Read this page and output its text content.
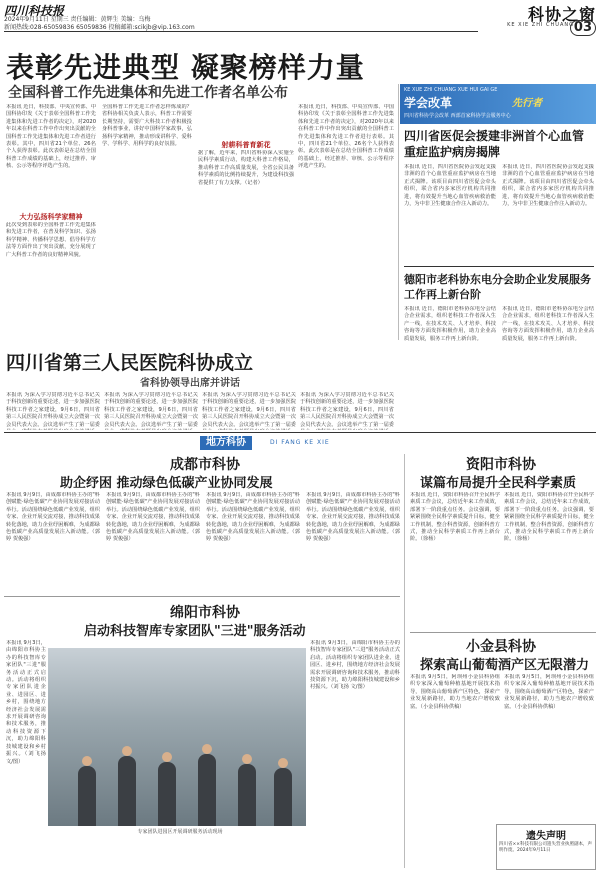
四川科技报
2024年9月11日 星期三 责任编辑：黄辉生 美编：乌梅
新闻热线:028-65059836 65059836 投稿邮箱:scikjb@vip.163.com
科协之窗
KE XIE ZHI CHUANG 03
表彰先进典型 凝聚榜样力量
全国科普工作先进集体和先进工作者名单公布
本报讯 近日，科技部、中央宣传部、中国科协印发《关于表彰全国科普工作先进集体和先进工作者的决定》，对2020年以来在科普工作中作出突出贡献的全国科普工作先进集体和先进工作者进行表彰。其中，四川省21个单位、26名个人获得表彰。此次表彰是在总结全国科普工作成绩的基础上，经过推荐、审核、公示等程序评选产生的。
大力弘扬科学家精神
此次受到表彰的全国科普工作先进集体和先进工作者，在普及科学知识、弘扬科学精神、传播科学思想、倡导科学方法等方面作出了突出贡献，充分展现了广大科普工作者的良好精神风貌。
全国科普工作先进工作者怎样炼成的？省科协相关负责人表示，科普工作需要长期坚持，需要广大科技工作者积极投身科普事业，讲好中国科学家故事，弘扬科学家精神，推动形成讲科学、爱科学、学科学、用科学的良好氛围。	射耕科普育新花
据了解，近年来，四川省科协深入实施全民科学素质行动，构建大科普工作格局，推动科普工作高质量发展，全省公民具备科学素质的比例持续提升，为建设科技强省提供了有力支撑。（记者）
本报讯 近日，科技部、中央宣传部、中国科协印发《关于表彰全国科普工作先进集体和先进工作者的决定》，对2020年以来在科普工作中作出突出贡献的全国科普工作先进集体和先进工作者进行表彰。其中，四川省21个单位、26名个人获得表彰。此次表彰是在总结全国科普工作成绩的基础上，经过推荐、审核、公示等程序评选产生的。
KE XUE ZHI CHUANG XUE HUI GAI GE
学会改革	先行者
四川省科协学会改革 西部首家科协学会服务中心
四川省医促会援建非洲首个心血管重症监护病房揭牌
本报讯 近日，四川省医院协会发起支援非洲的首个心血管重症监护病房在当地正式揭牌。该项目由四川省医促会牵头组织，联合省内多家医疗机构共同推进，将有效提升当地心血管疾病救治能力，为中非卫生健康合作注入新动力。
本报讯 近日，四川省医院协会发起支援非洲的首个心血管重症监护病房在当地正式揭牌。该项目由四川省医促会牵头组织，联合省内多家医疗机构共同推进，将有效提升当地心血管疾病救治能力，为中非卫生健康合作注入新动力。
德阳市老科协东电分会助企业发展服务工作再上新台阶
本报讯 近日，德阳市老科协东电分会结合企业需求，组织老科技工作者深入生产一线，在技术攻关、人才培养、科技咨询等方面发挥积极作用，助力企业高质量发展，服务工作再上新台阶。
本报讯 近日，德阳市老科协东电分会结合企业需求，组织老科技工作者深入生产一线，在技术攻关、人才培养、科技咨询等方面发挥积极作用，助力企业高质量发展，服务工作再上新台阶。
四川省第三人民医院科协成立
省科协领导出席并讲话
本报讯 为深入学习贯彻习近平总书记关于科技创新的重要论述，进一步加强医院科技工作者之家建设，9月6日，四川省第三人民医院召开科协成立大会暨第一次会员代表大会。会议选举产生了第一届委
本报讯 为深入学习贯彻习近平总书记关于科技创新的重要论述，进一步加强医院科技工作者之家建设，9月6日，四川省第三人民医院召开科协成立大会暨第一次会员代表大会。会议选举产生了第一届委
本报讯 为深入学习贯彻习近平总书记关于科技创新的重要论述，进一步加强医院科技工作者之家建设，9月6日，四川省第三人民医院召开科协成立大会暨第一次会员代表大会。会议选举产生了第一届委
本报讯 为深入学习贯彻习近平总书记关于科技创新的重要论述，进一步加强医院科技工作者之家建设，9月6日，四川省第三人民医院召开科协成立大会暨第一次会员代表大会。会议选举产生了第一届委
地方科协	DI FANG KE XIE
成都市科协
助企纾困 推动绿色低碳产业协同发展
本报讯 9月9日，由成都市科协主办的"科创赋能·绿色低碳"产业协同发展对接活动举行。活动围绕绿色低碳产业发展，组织专家、企业开展交流对接，推动科技成果转化落地，助力企业纾困解难，为成都绿色低碳产业高质量发展注入新动能。（郭婷 贺俊强）
本报讯 9月9日，由成都市科协主办的"科创赋能·绿色低碳"产业协同发展对接活动举行。活动围绕绿色低碳产业发展，组织专家、企业开展交流对接，推动科技成果转化落地，助力企业纾困解难，为成都绿色低碳产业高质量发展注入新动能。（郭婷 贺俊强）
本报讯 9月9日，由成都市科协主办的"科创赋能·绿色低碳"产业协同发展对接活动举行。活动围绕绿色低碳产业发展，组织专家、企业开展交流对接，推动科技成果转化落地，助力企业纾困解难，为成都绿色低碳产业高质量发展注入新动能。（郭婷 贺俊强）
本报讯 9月9日，由成都市科协主办的"科创赋能·绿色低碳"产业协同发展对接活动举行。活动围绕绿色低碳产业发展，组织专家、企业开展交流对接，推动科技成果转化落地，助力企业纾困解难，为成都绿色低碳产业高质量发展注入新动能。（郭婷 贺俊强）
绵阳市科协
启动科技智库专家团队"三进"服务活动
本报讯 9月3日，由绵阳市科协主办的科技智库专家团队"三进"服务活动正式启动。活动将组织专家团队进企业、进园区、进乡村，围绕地方经济社会发展需求开展调研咨询和技术服务，推动科技资源下沉，助力绵阳科技城建设和乡村振兴。（刘飞扬 文/图）
专家团队进园区开展调研服务活动现场
本报讯 9月3日，由绵阳市科协主办的科技智库专家团队"三进"服务活动正式启动。活动将组织专家团队进企业、进园区、进乡村，围绕地方经济社会发展需求开展调研咨询和技术服务，推动科技资源下沉，助力绵阳科技城建设和乡村振兴。（刘飞扬 文/图）
资阳市科协
谋篇布局提升全民科学素质
本报讯 近日，资阳市科协召开全民科学素质工作会议，总结近年来工作成效，部署下一阶段重点任务。会议强调，要紧紧围绕全民科学素质提升目标，健全工作机制，整合科普资源，创新科普方式，推动全民科学素质工作再上新台阶。（徐杨）
本报讯 近日，资阳市科协召开全民科学素质工作会议，总结近年来工作成效，部署下一阶段重点任务。会议强调，要紧紧围绕全民科学素质提升目标，健全工作机制，整合科普资源，创新科普方式，推动全民科学素质工作再上新台阶。（徐杨）
小金县科协
探索高山葡萄酒产区无限潜力
本报讯 9月5日，阿坝州小金县科协组织专家深入葡萄种植基地开展技术指导，围绕高山葡萄酒产区特色，探索产业发展新路径，助力当地农户增收致富。（小金县科协供稿）
本报讯 9月5日，阿坝州小金县科协组织专家深入葡萄种植基地开展技术指导，围绕高山葡萄酒产区特色，探索产业发展新路径，助力当地农户增收致富。（小金县科协供稿）
遗失声明
四川省××科技有限公司遗失营业执照副本，声明作废。2024年9月11日
